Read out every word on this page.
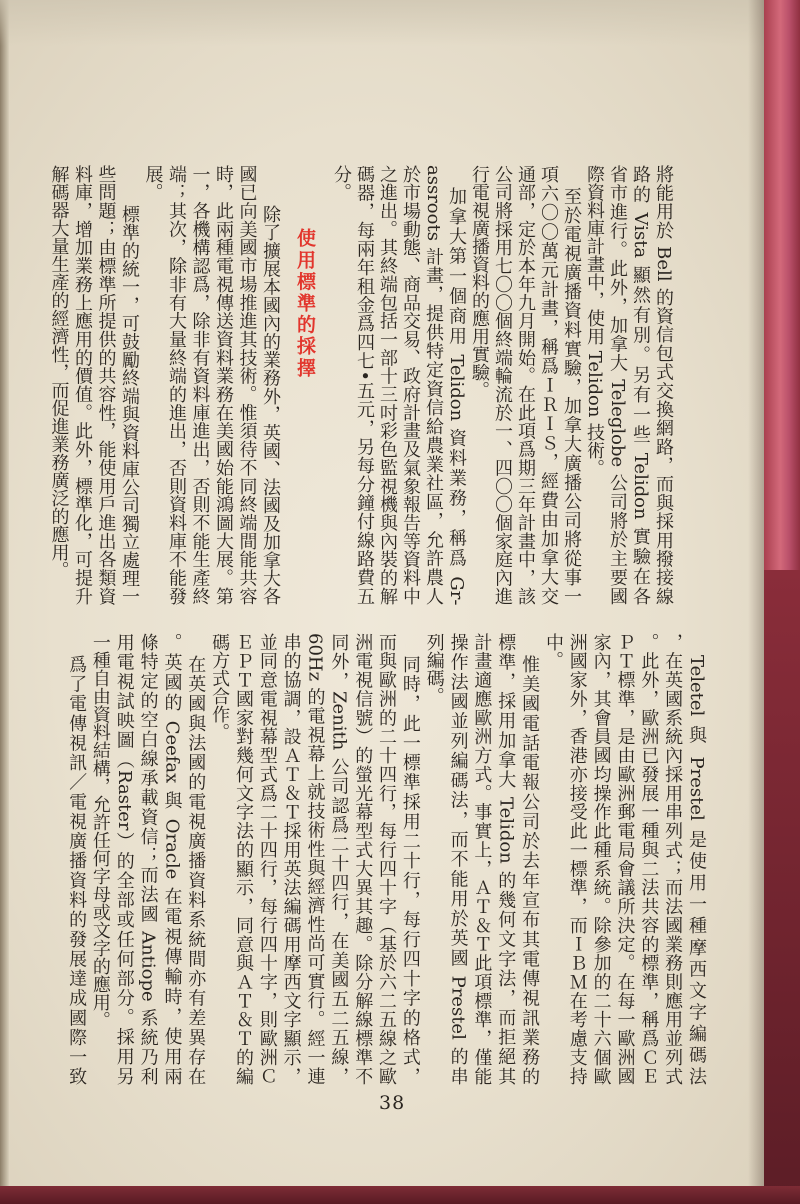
將能用於 Bell 的資信包式交換網路，而與採用撥接線
路的 Vista 顯然有別。另有一些 Telidon 實驗在各
省市進行。此外，加拿大 Teleglobe 公司將於主要國
際資料庫計畫中，使用 Telidon 技術。
至於電視廣播資料實驗，加拿大廣播公司將從事一
項六〇〇萬元計畫，稱爲ＩＲＩＳ，經費由加拿大交
通部，定於本年九月開始。在此項爲期三年計畫中，該
公司將採用七〇〇個終端輪流於一、四〇〇個家庭內進
行電視廣播資料的應用實驗。
加拿大第一個商用 Telidon 資料業務，稱爲 Gr-
assroots 計畫，提供特定資信給農業社區，允許農人
於市場動態、商品交易、政府計畫及氣象報告等資料中
之進出。其終端包括一部十三吋彩色監視機與內裝的解
碼器，每兩年租金爲四七•五元，另每分鐘付線路費五
分。
使用標準的採擇
除了擴展本國內的業務外，英國、法國及加拿大各
國已向美國市場推進其技術。惟須待不同終端間能共容
時，此兩種電視傳送資料業務在美國始能鴻圖大展。第
一，各機構認爲，除非有資料庫進出，否則不能生產終
端；其次，除非有大量終端的進出，否則資料庫不能發
展。
標準的統一，可鼓勵終端與資料庫公司獨立處理一
些問題；由標準所提供的共容性，能使用戶進出各類資
料庫，增加業務上應用的價值。此外，標準化，可提升
解碼器大量生產的經濟性，而促進業務廣泛的應用。
Teletel 與 Prestel 是使用一種摩西文字編碼法
，在英國系統內採用串列式；而法國業務則應用並列式
。此外，歐洲已發展一種與二法共容的標準，稱爲ＣＥ
ＰＴ標準，是由歐洲郵電局會議所決定。在每一歐洲國
家內，其會員國均操作此種系統。除參加的二十六個歐
洲國家外，香港亦接受此一標準，而ＩＢＭ在考慮支持
中。
惟美國電話電報公司於去年宣布其電傳視訊業務的
標準，採用加拿大 Telidon 的幾何文字法，而拒絕其
計畫適應歐洲方式。事實上，ＡＴ＆Ｔ此項標準，僅能
操作法國並列編碼法，而不能用於英國 Prestel 的串
列編碼。
同時，此一標準採用二十行，每行四十字的格式，
而與歐洲的二十四行，每行四十字（基於六二五線之歐
洲電視信號）的螢光幕型式大異其趣。除分解線標準不
同外，Zenith 公司認爲二十四行，在美國五二五線，
60Hz 的電視幕上就技術性與經濟性尚可實行。經一連
串的協調，設ＡＴ＆Ｔ採用英法編碼用摩西文字顯示，
並同意電視幕型式爲二十四行，每行四十字，則歐洲Ｃ
ＥＰＴ國家對幾何文字法的顯示，同意與ＡＴ＆Ｔ的編
碼方式合作。
在英國與法國的電視廣播資料系統間亦有差異存在
。英國的 Ceefax 與 Oracle 在電視傳輸時，使用兩
條特定的空白線承載資信；而法國 Antiope 系統乃利
用電視試映圖（Raster）的全部或任何部分。採用另
一種自由資料結構，允許任何字母或文字的應用。
爲了電傳視訊／電視廣播資料的發展達成國際一致
38
